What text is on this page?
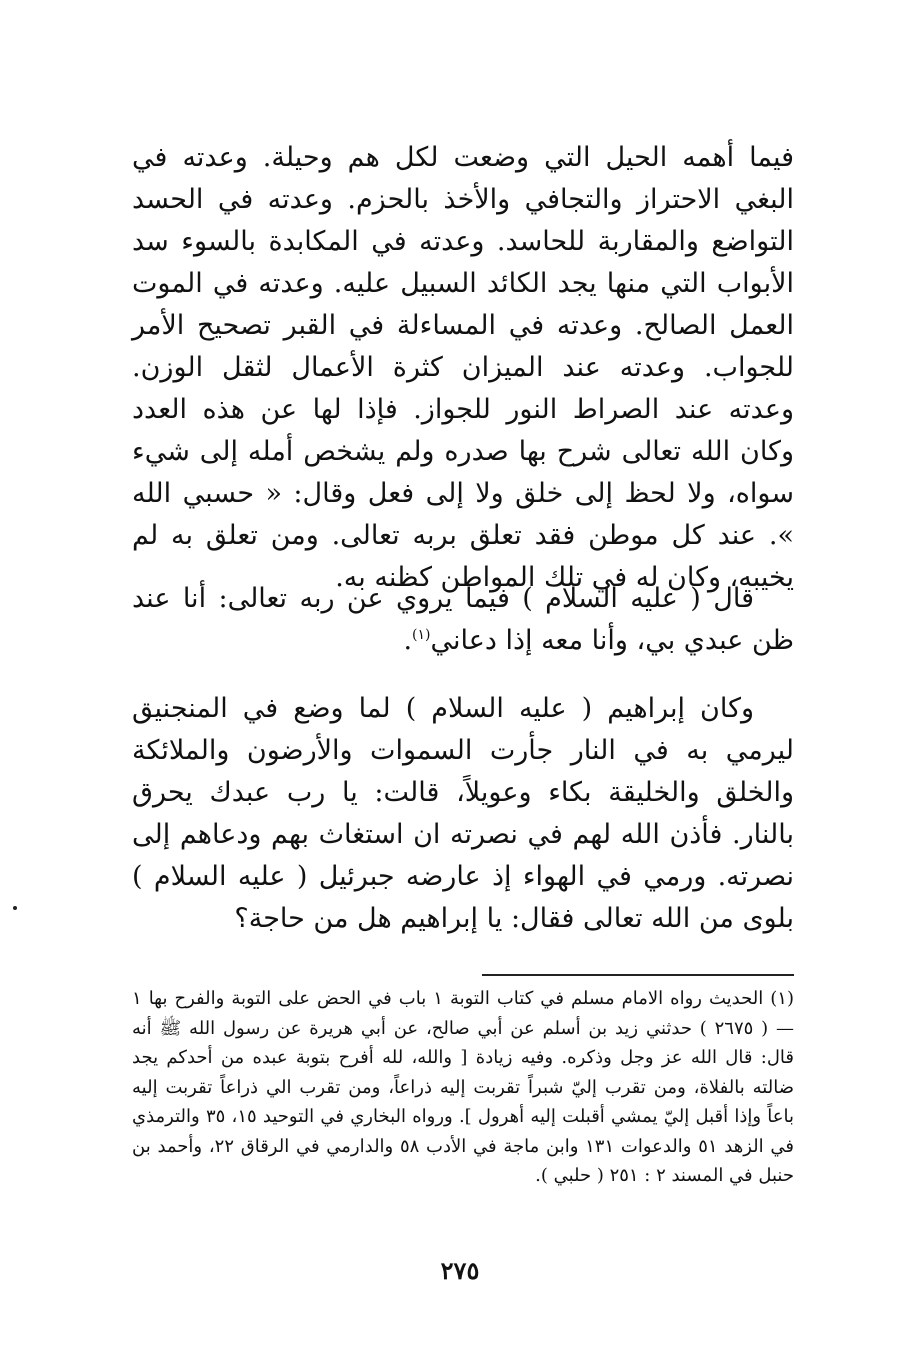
فيما أهمه الحيل التي وضعت لكل هم وحيلة. وعدته في البغي الاحتراز والتجافي والأخذ بالحزم. وعدته في الحسد التواضع والمقاربة للحاسد. وعدته في المكابدة بالسوء سد الأبواب التي منها يجد الكائد السبيل عليه. وعدته في الموت العمل الصالح. وعدته في المساءلة في القبر تصحيح الأمر للجواب. وعدته عند الميزان كثرة الأعمال لثقل الوزن. وعدته عند الصراط النور للجواز. فإذا لها عن هذه العدد وكان الله تعالى شرح بها صدره ولم يشخص أمله إلى شيء سواه، ولا لحظ إلى خلق ولا إلى فعل وقال: « حسبي الله ». عند كل موطن فقد تعلق بربه تعالى. ومن تعلق به لم يخيبه، وكان له في تلك المواطن كظنه به.

قال ( عليه السلام ) فيما يروي عن ربه تعالى: أنا عند ظن عبدي بي، وأنا معه إذا دعاني$^{(١)}$.

وكان إبراهيم ( عليه السلام ) لما وضع في المنجنيق ليرمي به في النار جأرت السموات والأرضون والملائكة والخلق والخليقة بكاء وعويلاً، قالت: يا رب عبدك يحرق بالنار. فأذن الله لهم في نصرته ان استغاث بهم ودعاهم إلى نصرته. ورمي في الهواء إذ عارضه جبرئيل ( عليه السلام ) بلوى من الله تعالى فقال: يا إبراهيم هل من حاجة؟

(١) الحديث رواه الامام مسلم في كتاب التوبة ١ باب في الحض على التوبة والفرح بها ١ — ( ٢٦٧٥ ) حدثني زيد بن أسلم عن أبي صالح، عن أبي هريرة عن رسول الله ﷺ أنه قال: قال الله عز وجل وذكره. وفيه زيادة [ والله، لله أفرح بتوبة عبده من أحدكم يجد ضالته بالفلاة، ومن تقرب إليّ شبراً تقربت إليه ذراعاً، ومن تقرب الي ذراعاً تقربت إليه باعاً وإذا أقبل إليّ يمشي أقبلت إليه أهرول ]. ورواه البخاري في التوحيد ١٥، ٣٥ والترمذي في الزهد ٥١ والدعوات ١٣١ وابن ماجة في الأدب ٥٨ والدارمي في الرقاق ٢٢، وأحمد بن حنبل في المسند ٢ : ٢٥١ ( حلبي ).

٢٧٥
